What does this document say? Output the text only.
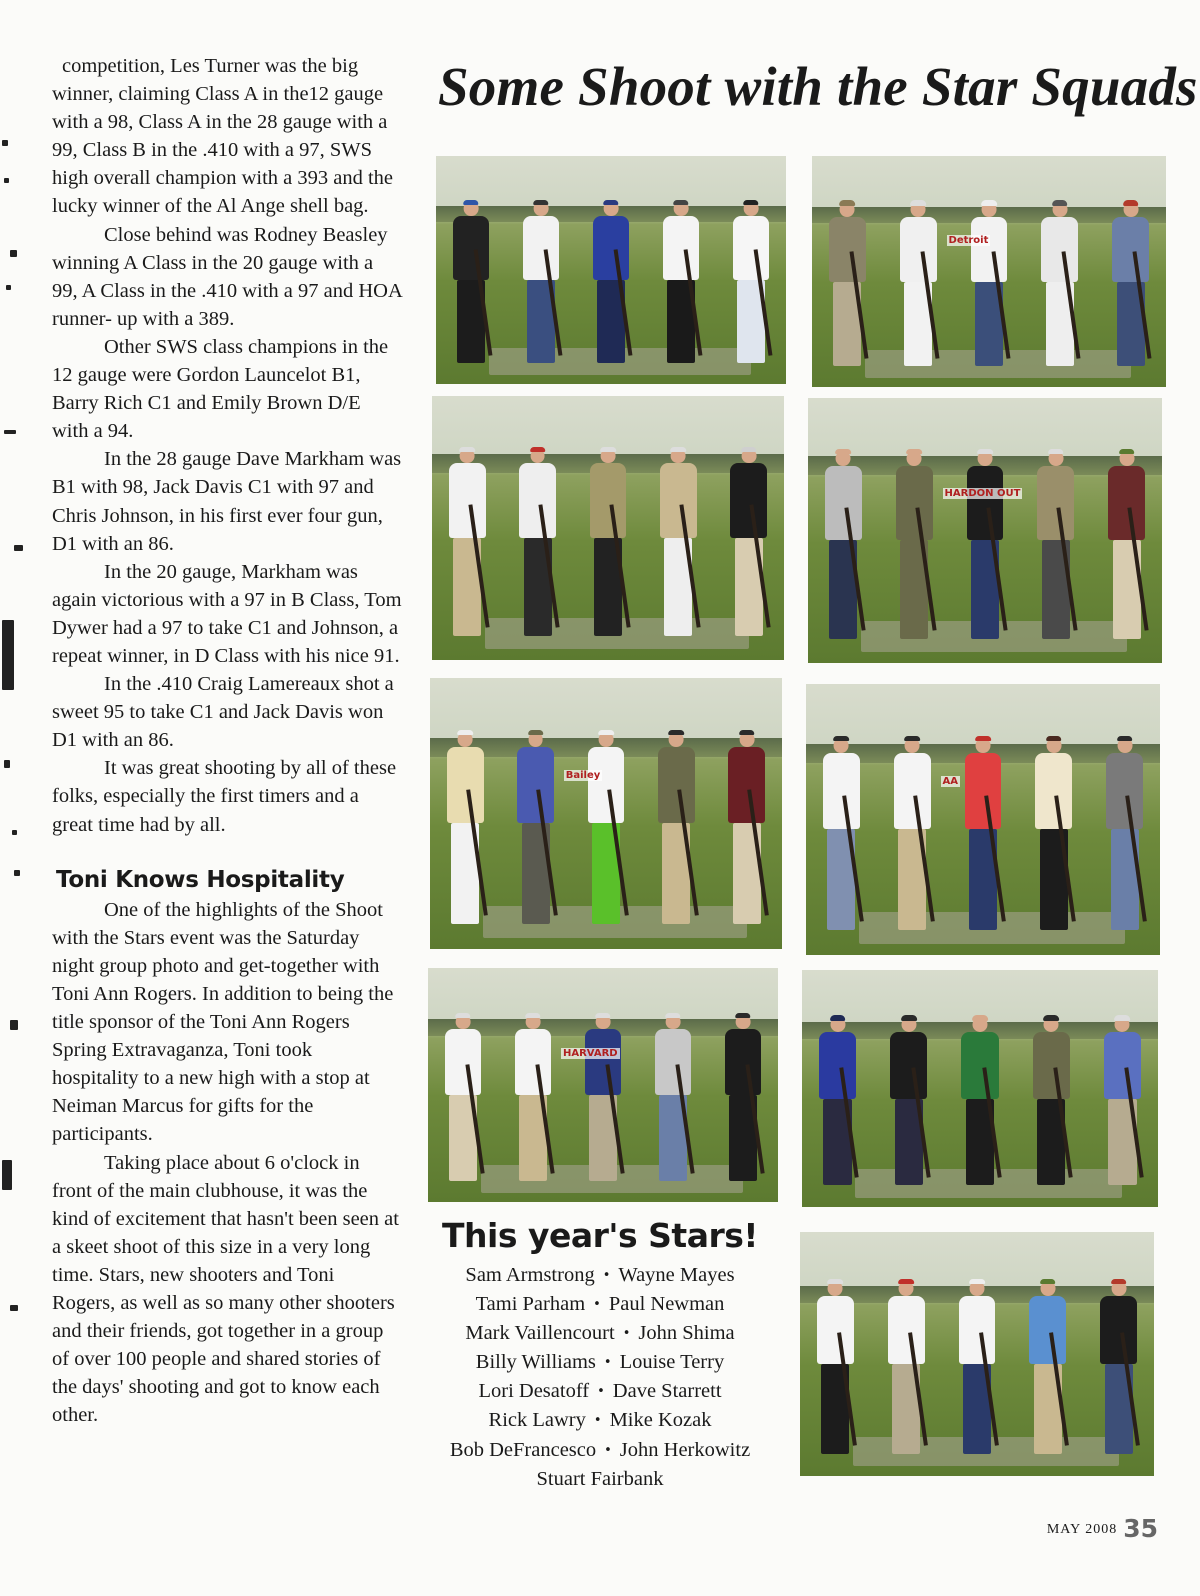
Some Shoot with the Star Squads

competition, Les Turner was the big winner, claiming Class A in the12 gauge with a 98, Class A in the 28 gauge with a 99, Class B in the .410 with a 97, SWS high overall champion with a 393 and the lucky winner of the Al Ange shell bag.

Close behind was Rodney Beasley winning A Class in the 20 gauge with a 99, A Class in the .410 with a 97 and HOA runner- up with a 389.

Other SWS class champions in the 12 gauge were Gordon Launcelot B1, Barry Rich C1 and Emily Brown D/E with a 94.

In the 28 gauge Dave Markham was B1 with 98, Jack Davis C1 with 97 and Chris Johnson, in his first ever four gun, D1 with an 86.

In the 20 gauge, Markham was again victorious with a 97 in B Class, Tom Dywer had a 97 to take C1 and Johnson, a repeat winner, in D Class with his nice 91.

In the .410 Craig Lamereaux shot a sweet 95 to take C1 and Jack Davis won D1 with an 86.

It was great shooting by all of these folks, especially the first timers and a great time had by all.

Toni Knows Hospitality

One of the highlights of the Shoot with the Stars event was the Saturday night group photo and get-together with Toni Ann Rogers. In addition to being the title sponsor of the Toni Ann Rogers Spring Extravaganza, Toni took hospitality to a new high with a stop at Neiman Marcus for gifts for the participants.

Taking place about 6 o'clock in front of the main clubhouse, it was the kind of excitement that hasn't been seen at a skeet shoot of this size in a very long time. Stars, new shooters and Toni Rogers, as well as so many other shooters and their friends, got together in a group of over 100 people and shared stories of the days' shooting and got to know each other.

Detroit
HARDON OUT
Bailey
AA
HARVARD
This year's Stars!
Sam Armstrong • Wayne Mayes
Tami Parham • Paul Newman
Mark Vaillencourt • John Shima
Billy Williams • Louise Terry
Lori Desatoff • Dave Starrett
Rick Lawry • Mike Kozak
Bob DeFrancesco • John Herkowitz
Stuart Fairbank
MAY 2008 35
